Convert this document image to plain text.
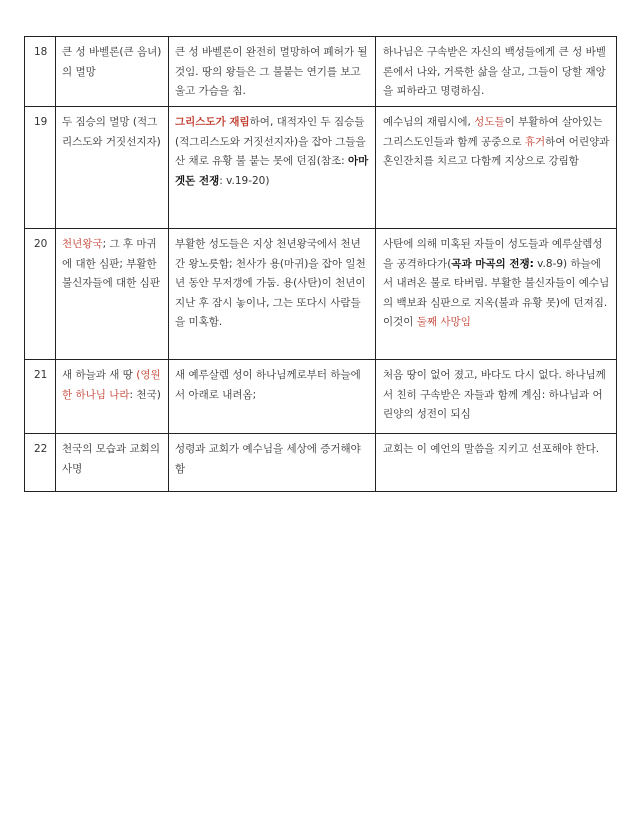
18	큰 성 바벨론(큰 음녀)의 멸망	큰 성 바벨론이 완전히 멸망하여 폐허가 될 것임. 땅의 왕들은 그 불붙는 연기를 보고 울고 가슴을 침.	하나님은 구속받은 자신의 백성들에게 큰 성 바벨론에서 나와, 거룩한 삶을 살고, 그들이 당할 재앙을 피하라고 명령하심.
19	두 짐승의 멸망 (적그리스도와 거짓선지자)	그리스도가 재림하여, 대적자인 두 짐승들(적그리스도와 거짓선지자)을 잡아 그들을 산 채로 유황 불 붙는 못에 던짐(참조: 아마겟돈 전쟁: v.19-20)	예수님의 재림시에, 성도들이 부활하여 살아있는 그리스도인들과 함께 공중으로 휴거하여 어린양과 혼인잔치를 치르고 다함께 지상으로 강림함
20	천년왕국; 그 후 마귀에 대한 심판; 부활한 불신자들에 대한 심판	부활한 성도들은 지상 천년왕국에서 천년간 왕노릇함; 천사가 용(마귀)을 잡아 일천년 동안 무저갱에 가둠. 용(사탄)이 천년이 지난 후 잠시 놓이나, 그는 또다시 사람들을 미혹함.	사탄에 의해 미혹된 자들이 성도들과 예루살렘성을 공격하다가(곡과 마곡의 전쟁: v.8-9) 하늘에서 내려온 불로 타버림. 부활한 불신자들이 예수님의 백보좌 심판으로 지옥(불과 유황 못)에 던져짐. 이것이 둘째 사망임
21	새 하늘과 새 땅 (영원한 하나님 나라: 천국)	새 예루살렘 성이 하나님께로부터 하늘에서 아래로 내려옴;	처음 땅이 없어 졌고, 바다도 다시 없다. 하나님께서 친히 구속받은 자들과 함께 계심: 하나님과 어린양의 성전이 되심
22	천국의 모습과 교회의 사명	성령과 교회가 예수님을 세상에 증거해야 함	교회는 이 예언의 말씀을 지키고 선포해야 한다.
